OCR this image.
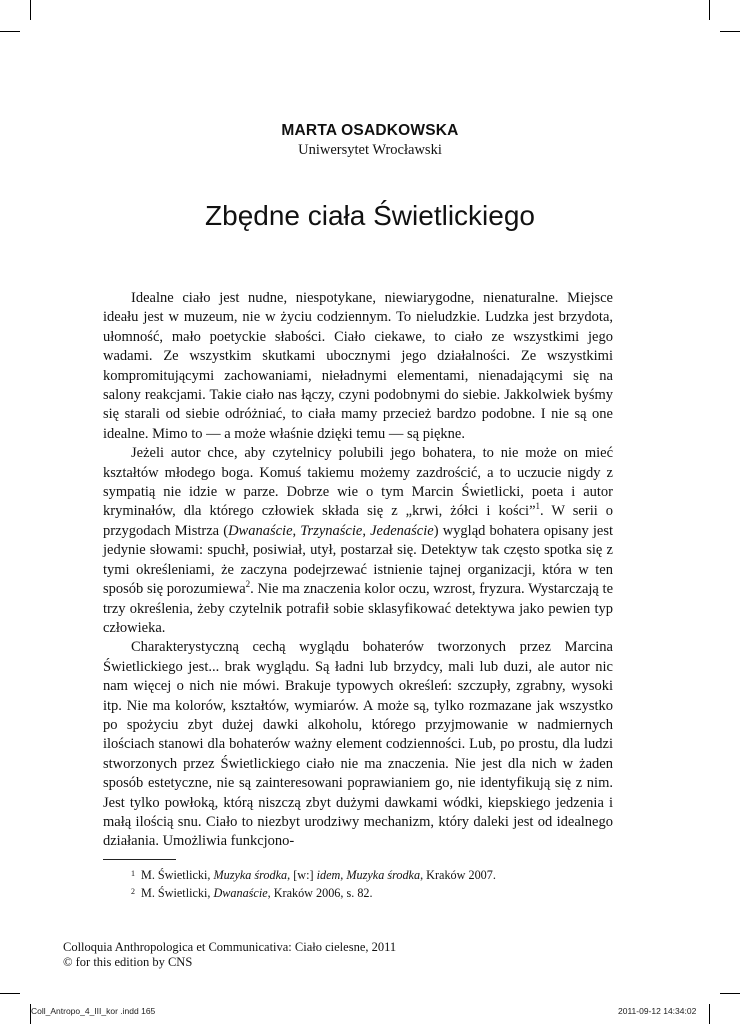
MARTA OSADKOWSKA
Uniwersytet Wrocławski
Zbędne ciała Świetlickiego

Idealne ciało jest nudne, niespotykane, niewiarygodne, nienaturalne. Miejsce ideału jest w muzeum, nie w życiu codziennym. To nieludzkie. Ludzka jest brzydota, ułomność, mało poetyckie słabości. Ciało ciekawe, to ciało ze wszystkimi jego wadami. Ze wszystkim skutkami ubocznymi jego działalności. Ze wszystkimi kompromitującymi zachowaniami, nieładnymi elementami, nienadającymi się na salony reakcjami. Takie ciało nas łączy, czyni podobnymi do siebie. Jakkolwiek byśmy się starali od siebie odróżniać, to ciała mamy przecież bardzo podobne. I nie są one idealne. Mimo to — a może właśnie dzięki temu — są piękne.

Jeżeli autor chce, aby czytelnicy polubili jego bohatera, to nie może on mieć kształtów młodego boga. Komuś takiemu możemy zazdrościć, a to uczucie nigdy z sympatią nie idzie w parze. Dobrze wie o tym Marcin Świetlicki, poeta i autor kryminałów, dla którego człowiek składa się z „krwi, żółci i kości”$^1$. W serii o przygodach Mistrza (Dwanaście, Trzynaście, Jedenaście) wygląd bohatera opisany jest jedynie słowami: spuchł, posiwiał, utył, postarzał się. Detektyw tak często spotka się z tymi określeniami, że zaczyna podejrzewać istnienie tajnej organizacji, która w ten sposób się porozumiewa$^2$. Nie ma znaczenia kolor oczu, wzrost, fryzura. Wystarczają te trzy określenia, żeby czytelnik potrafił sobie sklasyfikować detektywa jako pewien typ człowieka.

Charakterystyczną cechą wyglądu bohaterów tworzonych przez Marcina Świetlickiego jest... brak wyglądu. Są ładni lub brzydcy, mali lub duzi, ale autor nic nam więcej o nich nie mówi. Brakuje typowych określeń: szczupły, zgrabny, wysoki itp. Nie ma kolorów, kształtów, wymiarów. A może są, tylko rozmazane jak wszystko po spożyciu zbyt dużej dawki alkoholu, którego przyjmowanie w nadmiernych ilościach stanowi dla bohaterów ważny element codzienności. Lub, po prostu, dla ludzi stworzonych przez Świetlickiego ciało nie ma znaczenia. Nie jest dla nich w żaden sposób estetyczne, nie są zainteresowani poprawianiem go, nie identyfikują się z nim. Jest tylko powłoką, którą niszczą zbyt dużymi dawkami wódki, kiepskiego jedzenia i małą ilością snu. Ciało to niezbyt urodziwy mechanizm, który daleki jest od idealnego działania. Umożliwia funkcjono-

$^1$ M. Świetlicki, Muzyka środka, [w:] idem, Muzyka środka, Kraków 2007.
$^2$ M. Świetlicki, Dwanaście, Kraków 2006, s. 82.
Colloquia Anthropologica et Communicativa: Ciało cielesne, 2011
© for this edition by CNS
Coll_Antropo_4_III_kor .indd 165	2011-09-12 14:34:02
